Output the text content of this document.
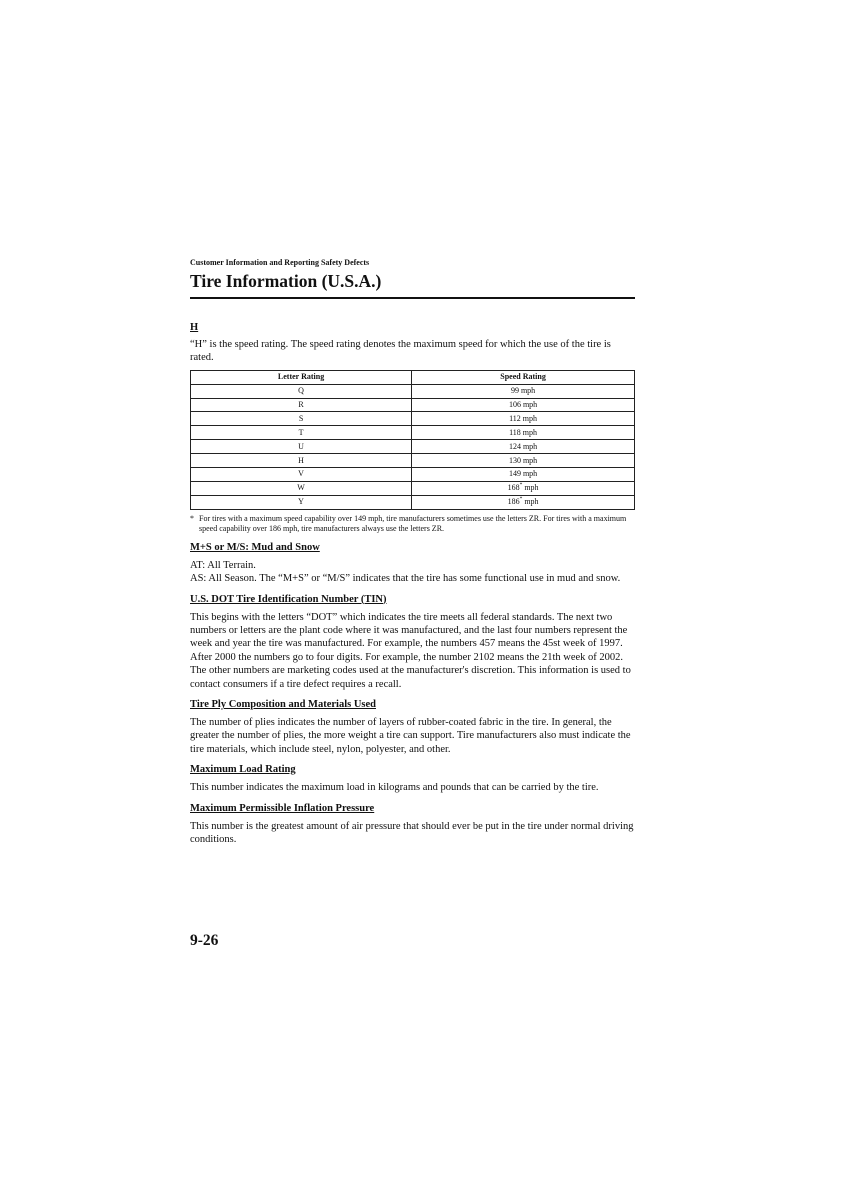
Customer Information and Reporting Safety Defects

Tire Information (U.S.A.)

H

“H” is the speed rating. The speed rating denotes the maximum speed for which the use of the tire is rated.

Letter Rating	Speed Rating
Q	99 mph
R	106 mph
S	112 mph
T	118 mph
U	124 mph
H	130 mph
V	149 mph
W	168* mph
Y	186* mph
* For tires with a maximum speed capability over 149 mph, tire manufacturers sometimes use the letters ZR. For tires with a maximum speed capability over 186 mph, tire manufacturers always use the letters ZR.

M+S or M/S: Mud and Snow

AT: All Terrain.

AS: All Season. The “M+S” or “M/S” indicates that the tire has some functional use in mud and snow.

U.S. DOT Tire Identification Number (TIN)

This begins with the letters “DOT” which indicates the tire meets all federal standards. The next two numbers or letters are the plant code where it was manufactured, and the last four numbers represent the week and year the tire was manufactured. For example, the numbers 457 means the 45st week of 1997. After 2000 the numbers go to four digits. For example, the number 2102 means the 21th week of 2002. The other numbers are marketing codes used at the manufacturer's discretion. This information is used to contact consumers if a tire defect requires a recall.

Tire Ply Composition and Materials Used

The number of plies indicates the number of layers of rubber-coated fabric in the tire. In general, the greater the number of plies, the more weight a tire can support. Tire manufacturers also must indicate the tire materials, which include steel, nylon, polyester, and other.

Maximum Load Rating

This number indicates the maximum load in kilograms and pounds that can be carried by the tire.

Maximum Permissible Inflation Pressure

This number is the greatest amount of air pressure that should ever be put in the tire under normal driving conditions.

9-26
